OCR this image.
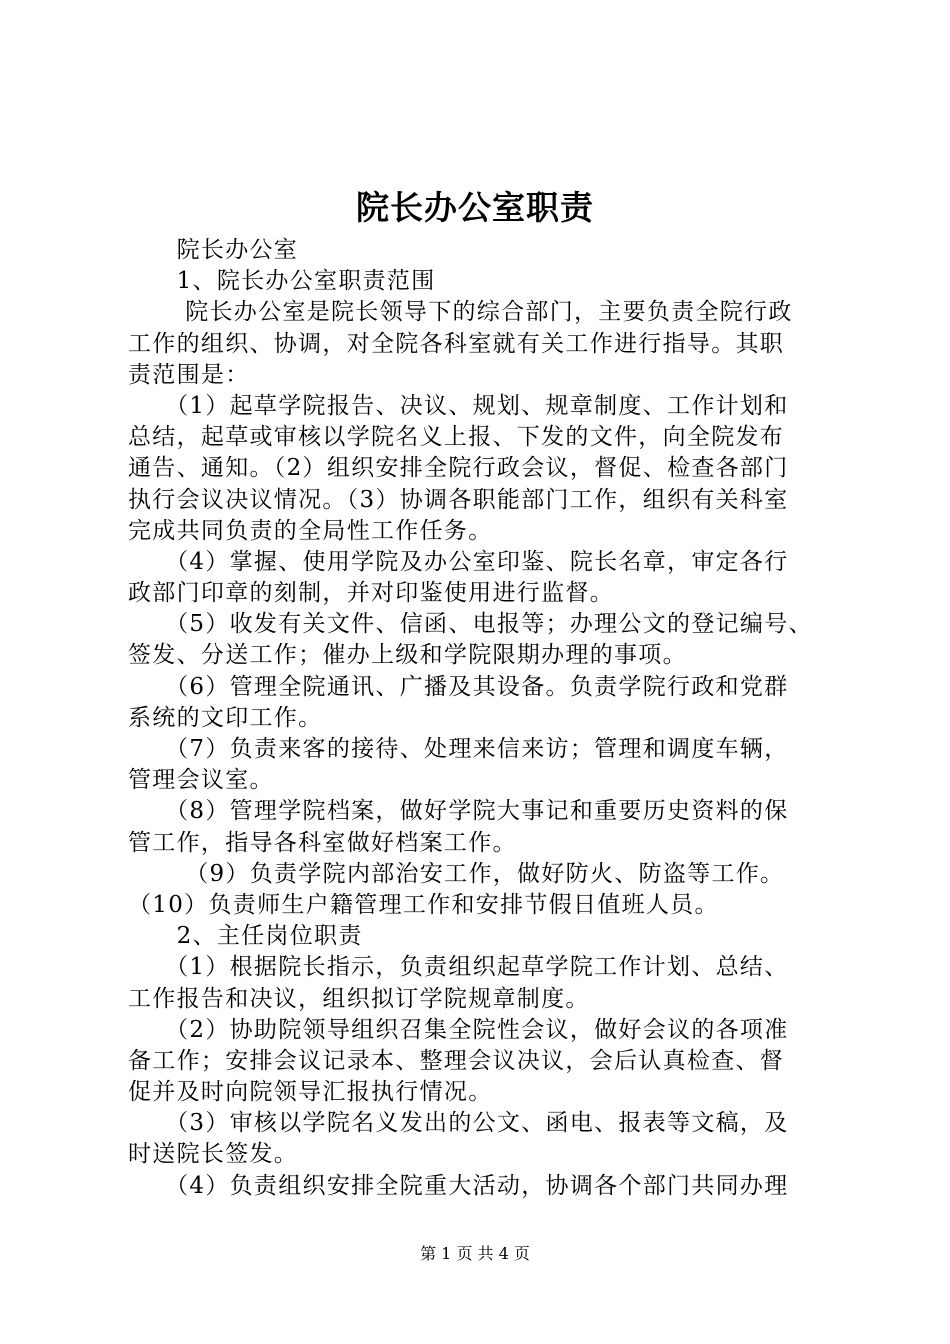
院长办公室职责
　　院长办公室
　　1、院长办公室职责范围
　　 院长办公室是院长领导下的综合部门，主要负责全院行政
工作的组织、协调，对全院各科室就有关工作进行指导。其职
责范围是：
　　（1）起草学院报告、决议、规划、规章制度、工作计划和
总结，起草或审核以学院名义上报、下发的文件，向全院发布
通告、通知。（2）组织安排全院行政会议，督促、检查各部门
执行会议决议情况。（3）协调各职能部门工作，组织有关科室
完成共同负责的全局性工作任务。
　　（4）掌握、使用学院及办公室印鉴、院长名章，审定各行
政部门印章的刻制，并对印鉴使用进行监督。
　　（5）收发有关文件、信函、电报等；办理公文的登记编号、
签发、分送工作；催办上级和学院限期办理的事项。
　　（6）管理全院通讯、广播及其设备。负责学院行政和党群
系统的文印工作。
　　（7）负责来客的接待、处理来信来访；管理和调度车辆，
管理会议室。
　　（8）管理学院档案，做好学院大事记和重要历史资料的保
管工作，指导各科室做好档案工作。
　　 （9）负责学院内部治安工作，做好防火、防盗等工作。
（10）负责师生户籍管理工作和安排节假日值班人员。
　　2、主任岗位职责
　　（1）根据院长指示，负责组织起草学院工作计划、总结、
工作报告和决议，组织拟订学院规章制度。
　　（2）协助院领导组织召集全院性会议，做好会议的各项准
备工作；安排会议记录本、整理会议决议，会后认真检查、督
促并及时向院领导汇报执行情况。
　　（3）审核以学院名义发出的公文、函电、报表等文稿，及
时送院长签发。
　　（4）负责组织安排全院重大活动，协调各个部门共同办理
第 1 页 共 4 页
